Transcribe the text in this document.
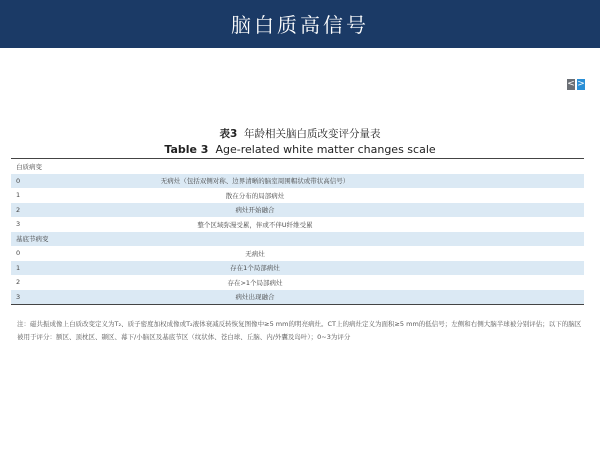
脑白质高信号
< >
表3 年龄相关脑白质改变评分量表
Table 3 Age-related white matter changes scale
白质病变	
0	无病灶（包括双侧对称、边界清晰的脑室周围帽状或带状高信号）
1	散在分布的局部病灶
2	病灶开始融合
3	整个区域弥漫受累，伴或不伴U纤维受累
基底节病变	
0	无病灶
1	存在1个局部病灶
2	存在>1个局部病灶
3	病灶出现融合
注：磁共振成像上白质改变定义为T₂、质子密度加权成像或T₂液体衰减反转恢复图像中≥5 mm的明亮病灶。CT上的病灶定义为面积≥5 mm的低信号；左侧和右侧大脑半球被分别评估；以下的脑区被用于评分：额区、顶枕区、颞区、幕下/小脑区及基底节区（纹状体、苍白球、丘脑、内/外囊及岛叶）；0~3为评分
